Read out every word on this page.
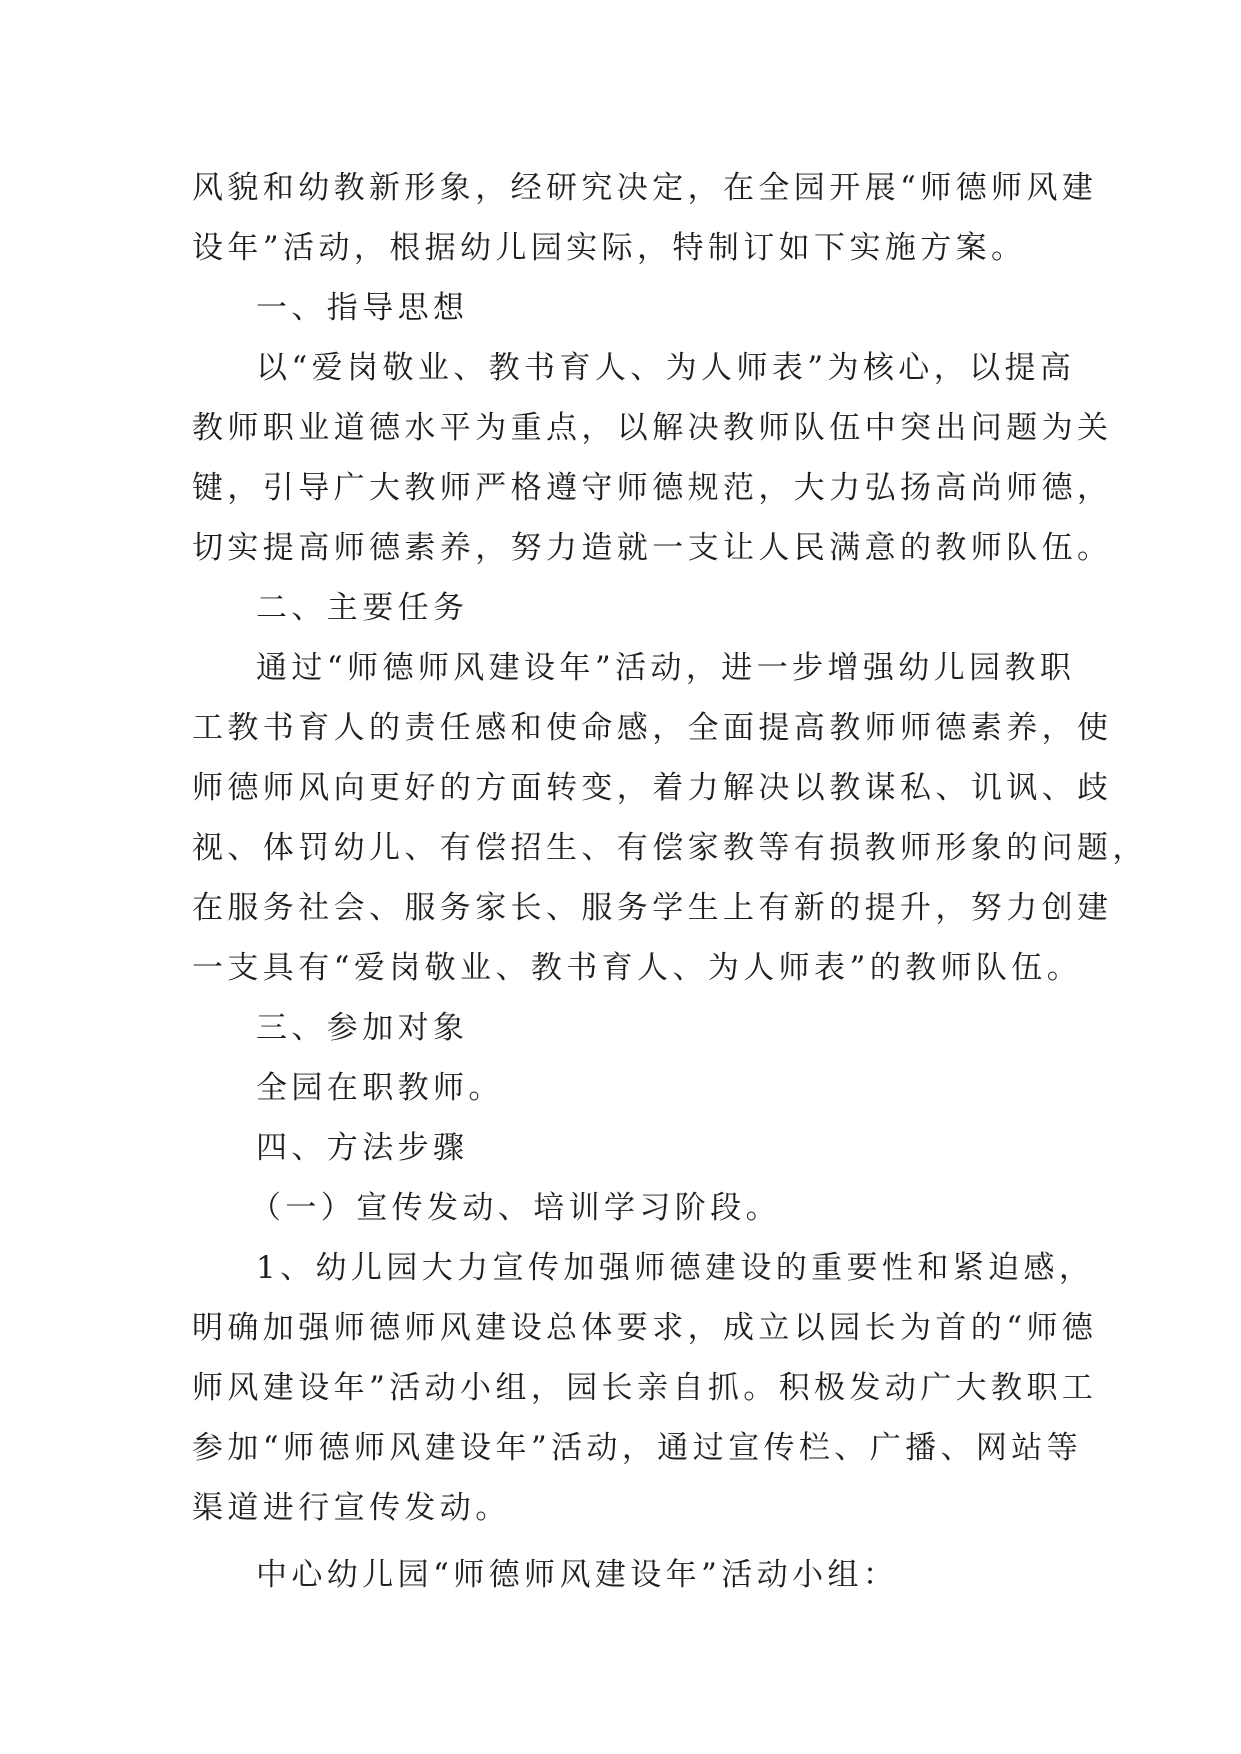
风貌和幼教新形象，经研究决定，在全园开展“师德师风建
设年”活动，根据幼儿园实际，特制订如下实施方案。
一、指导思想
以“爱岗敬业、教书育人、为人师表”为核心，以提高
教师职业道德水平为重点，以解决教师队伍中突出问题为关
键，引导广大教师严格遵守师德规范，大力弘扬高尚师德，
切实提高师德素养，努力造就一支让人民满意的教师队伍。
二、主要任务
通过“师德师风建设年”活动，进一步增强幼儿园教职
工教书育人的责任感和使命感，全面提高教师师德素养，使
师德师风向更好的方面转变，着力解决以教谋私、讥讽、歧
视、体罚幼儿、有偿招生、有偿家教等有损教师形象的问题，
在服务社会、服务家长、服务学生上有新的提升，努力创建
一支具有“爱岗敬业、教书育人、为人师表”的教师队伍。
三、参加对象
全园在职教师。
四、方法步骤
（一）宣传发动、培训学习阶段。
1、幼儿园大力宣传加强师德建设的重要性和紧迫感，
明确加强师德师风建设总体要求，成立以园长为首的“师德
师风建设年”活动小组，园长亲自抓。积极发动广大教职工
参加“师德师风建设年”活动，通过宣传栏、广播、网站等
渠道进行宣传发动。
中心幼儿园“师德师风建设年”活动小组：
